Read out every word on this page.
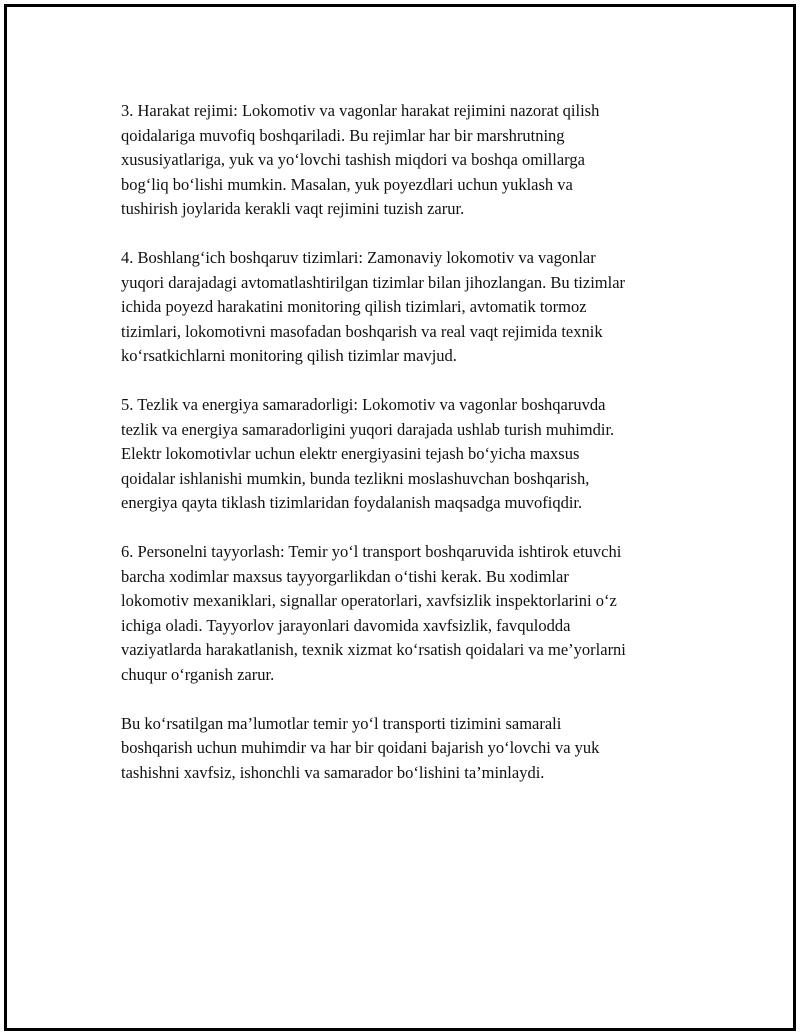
3. Harakat rejimi: Lokomotiv va vagonlar harakat rejimini nazorat qilish
qoidalariga muvofiq boshqariladi. Bu rejimlar har bir marshrutning
xususiyatlariga, yuk va yo‘lovchi tashish miqdori va boshqa omillarga
bog‘liq bo‘lishi mumkin. Masalan, yuk poyezdlari uchun yuklash va
tushirish joylarida kerakli vaqt rejimini tuzish zarur.

4. Boshlang‘ich boshqaruv tizimlari: Zamonaviy lokomotiv va vagonlar
yuqori darajadagi avtomatlashtirilgan tizimlar bilan jihozlangan. Bu tizimlar
ichida poyezd harakatini monitoring qilish tizimlari, avtomatik tormoz
tizimlari, lokomotivni masofadan boshqarish va real vaqt rejimida texnik
ko‘rsatkichlarni monitoring qilish tizimlar mavjud.

5. Tezlik va energiya samaradorligi: Lokomotiv va vagonlar boshqaruvda
tezlik va energiya samaradorligini yuqori darajada ushlab turish muhimdir.
Elektr lokomotivlar uchun elektr energiyasini tejash bo‘yicha maxsus
qoidalar ishlanishi mumkin, bunda tezlikni moslashuvchan boshqarish,
energiya qayta tiklash tizimlaridan foydalanish maqsadga muvofiqdir.

6. Personelni tayyorlash: Temir yo‘l transport boshqaruvida ishtirok etuvchi
barcha xodimlar maxsus tayyorgarlikdan o‘tishi kerak. Bu xodimlar
lokomotiv mexaniklari, signallar operatorlari, xavfsizlik inspektorlarini o‘z
ichiga oladi. Tayyorlov jarayonlari davomida xavfsizlik, favqulodda
vaziyatlarda harakatlanish, texnik xizmat ko‘rsatish qoidalari va me’yorlarni
chuqur o‘rganish zarur.

Bu ko‘rsatilgan ma’lumotlar temir yo‘l transporti tizimini samarali
boshqarish uchun muhimdir va har bir qoidani bajarish yo‘lovchi va yuk
tashishni xavfsiz, ishonchli va samarador bo‘lishini ta’minlaydi.
